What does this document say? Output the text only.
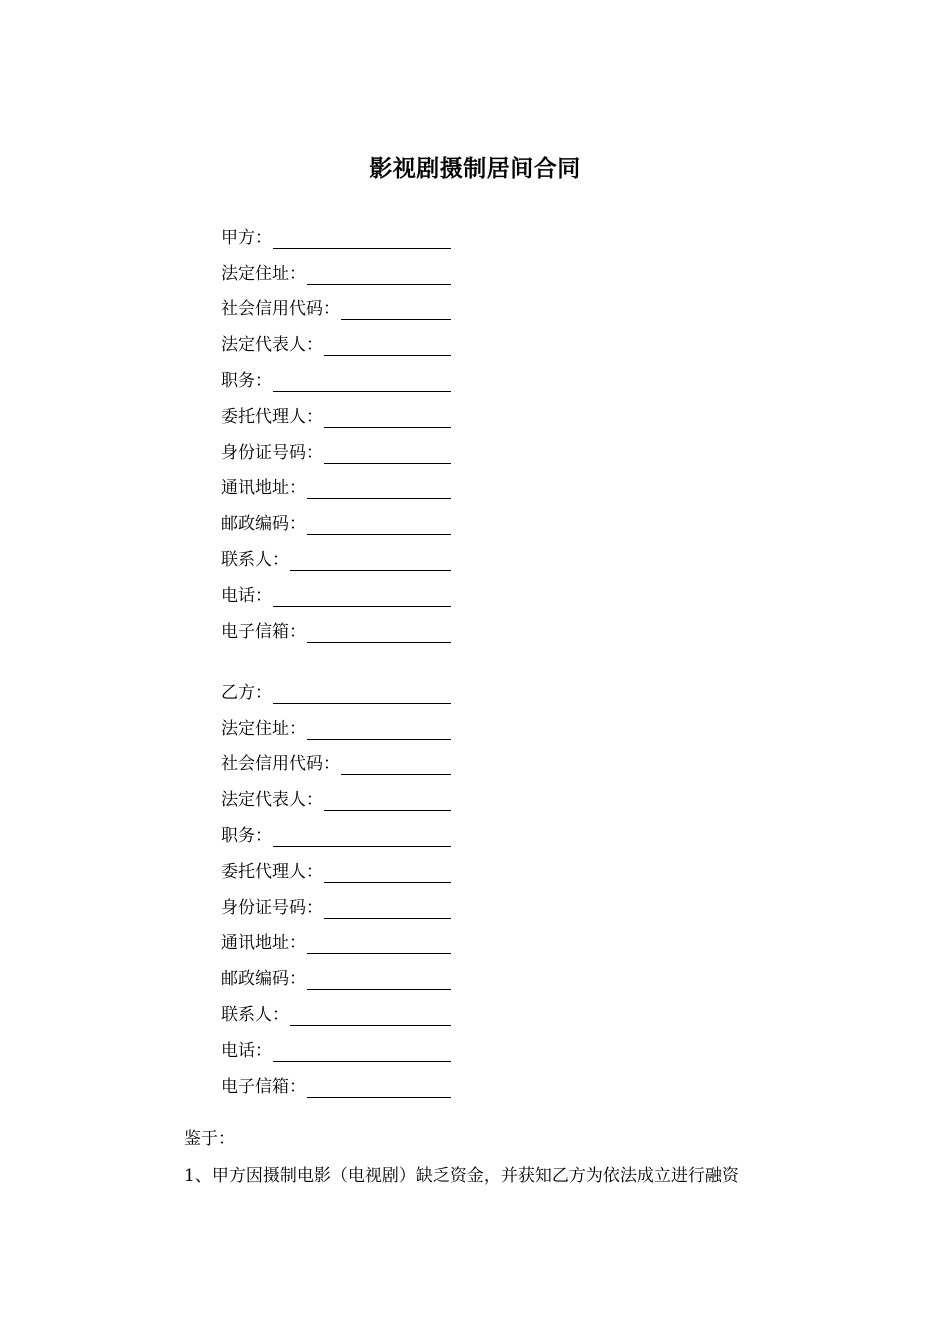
影视剧摄制居间合同
甲方：
法定住址：
社会信用代码：
法定代表人：
职务：
委托代理人：
身份证号码：
通讯地址：
邮政编码：
联系人：
电话：
电子信箱：
乙方：
法定住址：
社会信用代码：
法定代表人：
职务：
委托代理人：
身份证号码：
通讯地址：
邮政编码：
联系人：
电话：
电子信箱：
鉴于：
1、甲方因摄制电影（电视剧）缺乏资金，并获知乙方为依法成立进行融资
